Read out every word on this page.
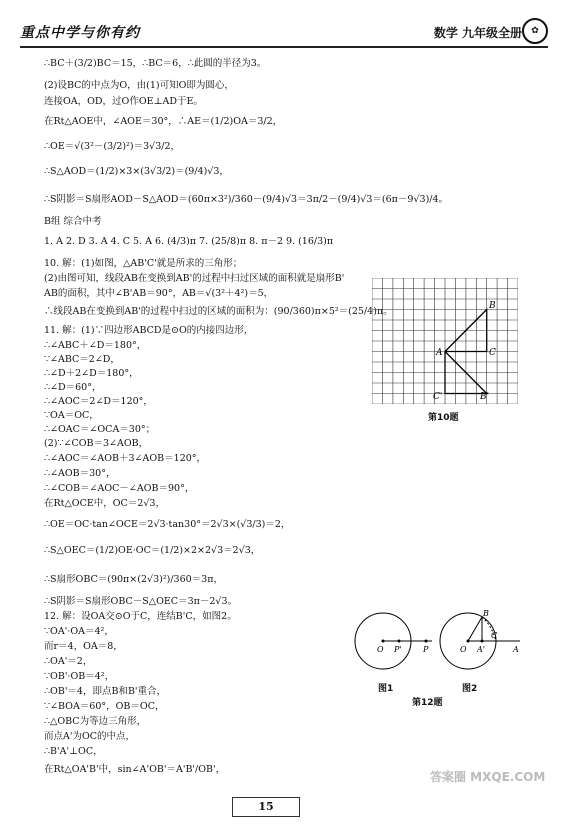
重点中学与你有约	数学 九年级全册	✿
∴BC＋(3/2)BC＝15，∴BC＝6，∴此圆的半径为3。
(2)设BC的中点为O，由(1)可知O即为圆心，
连接OA，OD，过O作OE⊥AD于E。
在Rt△AOE中，∠AOE＝30°，∴AE＝(1/2)OA＝3/2，
∴OE＝√(3²－(3/2)²)＝3√3/2，
∴S△AOD＝(1/2)×3×(3√3/2)＝(9/4)√3，
∴S阴影＝S扇形AOD－S△AOD＝(60π×3²)/360－(9/4)√3＝3π/2－(9/4)√3＝(6π－9√3)/4。
B组 综合中考
1. A 2. D 3. A 4. C 5. A 6. (4/3)π 7. (25/8)π 8. π－2 9. (16/3)π
10. 解：(1)如图，△AB'C'就是所求的三角形；
(2)由图可知，线段AB在变换到AB'的过程中扫过区域的面积就是扇形B'
AB的面积，其中∠B'AB＝90°，AB＝√(3²＋4²)＝5，
∴线段AB在变换到AB'的过程中扫过的区域的面积为：(90/360)π×5²＝(25/4)π。
11. 解：(1)∵四边形ABCD是⊙O的内接四边形，
∴∠ABC＋∠D＝180°，
∵∠ABC＝2∠D，
∴∠D＋2∠D＝180°，
∴∠D＝60°，
∴∠AOC＝2∠D＝120°，
∵OA＝OC，
∴∠OAC＝∠OCA＝30°；
(2)∵∠COB＝3∠AOB，
∴∠AOC＝∠AOB＋3∠AOB＝120°，
∴∠AOB＝30°，
∴∠COB＝∠AOC－∠AOB＝90°，
在Rt△OCE中，OC＝2√3，
∴OE＝OC·tan∠OCE＝2√3·tan30°＝2√3×(√3/3)＝2，
∴S△OEC＝(1/2)OE·OC＝(1/2)×2×2√3＝2√3，
∴S扇形OBC＝(90π×(2√3)²)/360＝3π，
∴S阴影＝S扇形OBC－S△OEC＝3π－2√3。
12. 解：设OA交⊙O于C，连结B'C，如图2。
∵OA'·OA＝4²，
而r＝4，OA＝8，
∴OA'＝2，
∵OB'·OB＝4²，
∴OB'＝4，即点B和B'重合，
∵∠BOA＝60°，OB＝OC，
∴△OBC为等边三角形，
而点A'为OC的中点，
∴B'A'⊥OC，
在Rt△OA'B'中，sin∠A'OB'＝A'B'/OB'，
B
A	C
C'	B'
第10题
O P'	P
B
O
C
A'	A
图1	图2
第12题
15
答案圈 MXQE.COM
